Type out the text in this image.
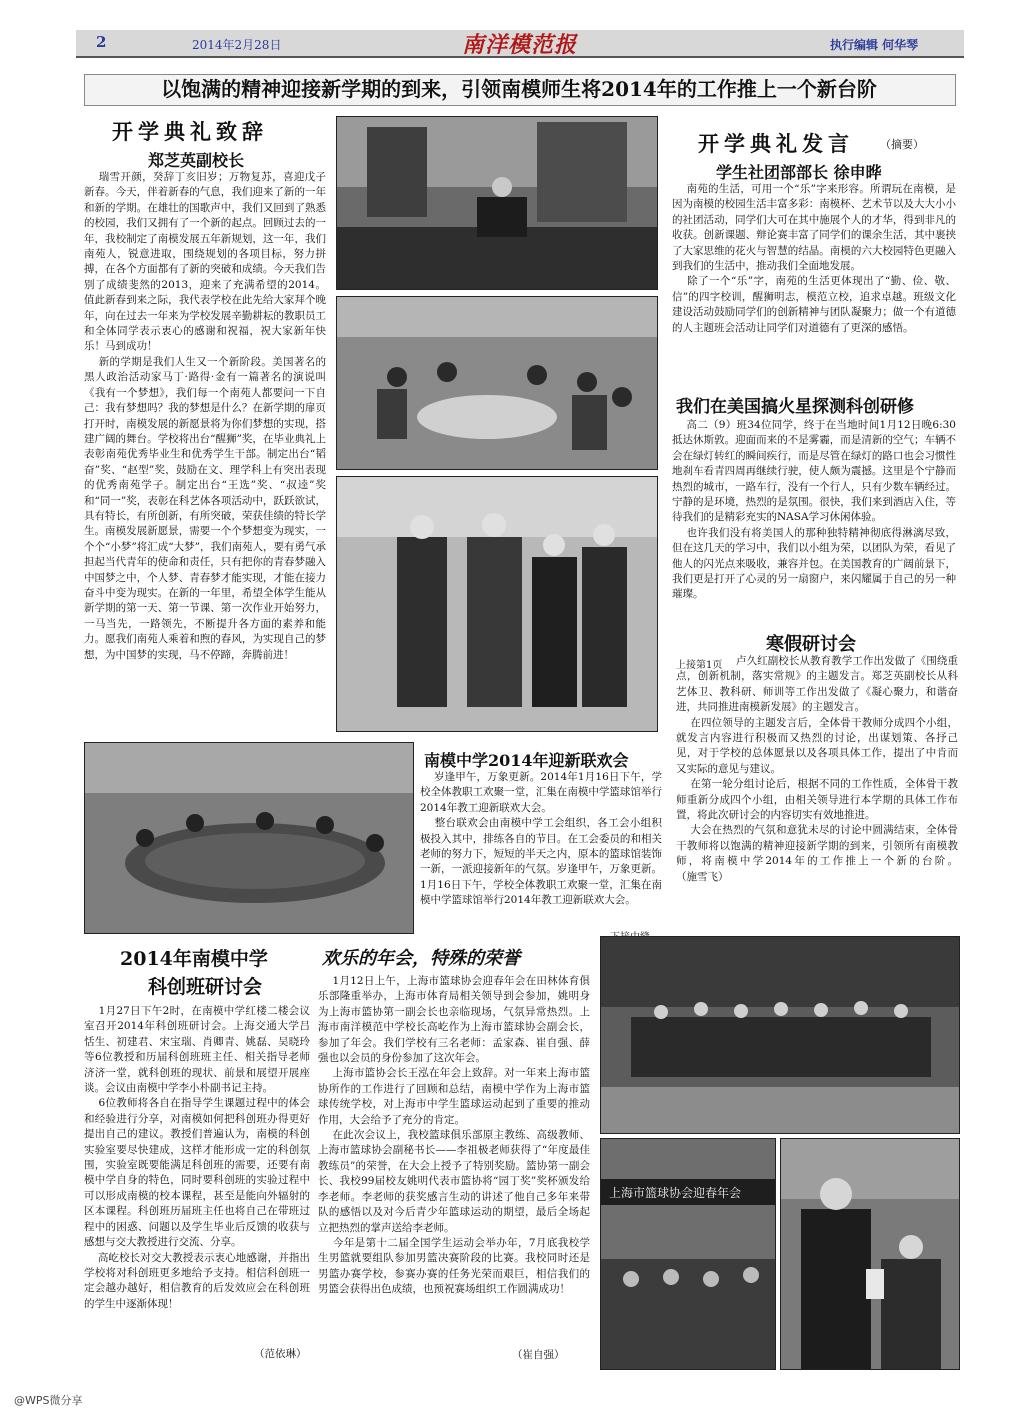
2	2014年2月28日	南洋模范报	执行编辑 何华琴
以饱满的精神迎接新学期的到来，引领南模师生将2014年的工作推上一个新台阶
开学典礼致辞
郑芝英副校长
瑞雪开颜，癸辞丁亥旧岁；万物复苏，喜迎戊子新春。今天，伴着新春的气息，我们迎来了新的一年和新的学期。在雄壮的国歌声中，我们又回到了熟悉的校园，我们又拥有了一个新的起点。回顾过去的一年，我校制定了南模发展五年新规划，这一年，我们南苑人，锐意进取，围绕规划的各项目标，努力拼搏，在各个方面都有了新的突破和成绩。今天我们告别了成绩斐然的2013，迎来了充满希望的2014。值此新春到来之际，我代表学校在此先给大家拜个晚年，向在过去一年来为学校发展辛勤耕耘的教职员工和全体同学表示衷心的感谢和祝福，祝大家新年快乐！马到成功！
新的学期是我们人生又一个新阶段。美国著名的黑人政治活动家马丁·路得·金有一篇著名的演说叫《我有一个梦想》，我们每一个南苑人都要问一下自己：我有梦想吗？我的梦想是什么？在新学期的扉页打开时，南模发展的新愿景将为你们梦想的实现，搭建广阔的舞台。学校将出台“醒狮”奖，在毕业典礼上表彰南苑优秀毕业生和优秀学生干部。制定出台“韬奋”奖、“赵型”奖，鼓励在文、理学科上有突出表现的优秀南苑学子。制定出台“王选”奖、“叔逵”奖和“同一”奖，表彰在科艺体各项活动中，跃跃欲试，具有特长，有所创新，有所突破，荣获佳绩的特长学生。南模发展新愿景，需要一个个梦想变为现实，一个个“小梦”将汇成“大梦”，我们南苑人，要有勇气承担起当代青年的使命和责任，只有把你的青春梦融入中国梦之中，个人梦、青春梦才能实现，才能在接力奋斗中变为现实。在新的一年里，希望全体学生能从新学期的第一天、第一节课、第一次作业开始努力，一马当先，一路领先，不断提升各方面的素养和能力。愿我们南苑人乘着和煦的春风，为实现自己的梦想，为中国梦的实现，马不停蹄，奔腾前进！
开学典礼发言 （摘要）
学生社团部部长 徐申晔
南苑的生活，可用一个“乐”字来形容。所谓玩在南模，是因为南模的校园生活丰富多彩：南模杯、艺术节以及大大小小的社团活动，同学们大可在其中施展个人的才华，得到非凡的收获。创新课题、辩论赛丰富了同学们的课余生活，其中裹挟了大家思维的花火与智慧的结晶。南模的六大校园特色更融入到我们的生活中，推动我们全面地发展。
除了一个“乐”字，南苑的生活更体现出了“勤、俭、敬、信”的四字校训，醒狮明志，模范立校，追求卓越。班级文化建设活动鼓励同学们的创新精神与团队凝聚力；做一个有道德的人主题班会活动让同学们对道德有了更深的感悟。
我们在美国搞火星探测科创研修
高二（9）班34位同学，终于在当地时间1月12日晚6:30抵达休斯敦。迎面而来的不是雾霾，而是清新的空气；车辆不会在绿灯转红的瞬间疾行，而是尽管在绿灯的路口也会习惯性地刹车看青四周再继续行驶，使人颇为震撼。这里是个宁静而热烈的城市，一路车行，没有一个行人，只有少数车辆经过。宁静的是环境，热烈的是氛围。很快，我们来到酒店入住，等待我们的是精彩充实的NASA学习休闲体验。
也许我们没有将美国人的那种独特精神彻底得淋漓尽致，但在这几天的学习中，我们以小组为荣，以团队为荣，看见了他人的闪光点来吸收，兼容并包。在美国教育的广阔前景下，我们更是打开了心灵的另一扇窗户，来闪耀属于自己的另一种璀璨。
寒假研讨会
上接第1页	卢久红副校长从教育教学工作出发做了《围绕重点，创新机制，落实常规》的主题发言。郑芝英副校长从科艺体卫、教科研、师训等工作出发做了《凝心聚力，和谐奋进，共同推进南模新发展》的主题发言。
在四位领导的主题发言后，全体骨干教师分成四个小组，就发言内容进行积极而又热烈的讨论，出谋划策、各抒己见，对于学校的总体愿景以及各项具体工作，提出了中肯而又实际的意见与建议。
在第一轮分组讨论后，根据不同的工作性质，全体骨干教师重新分成四个小组，由相关领导进行本学期的具体工作布置，将此次研讨会的内容切实有效地推进。
大会在热烈的气氛和意犹未尽的讨论中圆满结束，全体骨干教师将以饱满的精神迎接新学期的到来，引领所有南模教师，将南模中学2014年的工作推上一个新的台阶。         （施雪飞）
南模中学2014年迎新联欢会
岁逢甲午，万象更新。2014年1月16日下午，学校全体教职工欢聚一堂，汇集在南模中学篮球馆举行2014年教工迎新联欢大会。
整台联欢会由南模中学工会组织，各工会小组积极投入其中，排练各自的节目。在工会委员的和相关老师的努力下，短短的半天之内，原本的篮球馆装饰一新，一派迎接新年的气氛。岁逢甲午，万象更新。1月16日下午，学校全体教职工欢聚一堂，汇集在南模中学篮球馆举行2014年教工迎新联欢大会。
2014年南模中学
科创班研讨会
1月27日下午2时，在南模中学红楼二楼会议室召开2014年科创班研讨会。上海交通大学吕恬生、初建君、宋宝瑞、肖卿青、姚磊、吴晓玲等6位教授和历届科创班班主任、相关指导老师济济一堂，就科创班的现状、前景和展望开展座谈。会议由南模中学李小朴副书记主持。
6位教师将各自在指导学生课题过程中的体会和经验进行分享，对南模如何把科创班办得更好提出自己的建议。教授们普遍认为，南模的科创实验室要尽快建成，这样才能形成一定的科创氛围，实验室既要能满足科创班的需要，还要有南模中学自身的特色，同时要科创班的实验过程中可以形成南模的校本课程，甚至是能向外辐射的区本课程。科创班历届班主任也将自己在带班过程中的困惑、问题以及学生毕业后反馈的收获与感想与交大教授进行交流、分享。
高屹校长对交大教授表示衷心地感谢，并指出学校将对科创班更多地给予支持。相信科创班一定会越办越好，相信教育的后发效应会在科创班的学生中逐渐体现！
（范依琳）
欢乐的年会，特殊的荣誉
1月12日上午，上海市篮球协会迎春年会在田林体育俱乐部隆重举办，上海市体育局相关领导到会参加，姚明身为上海市篮协第一副会长也亲临现场，气氛异常热烈。上海市南洋模范中学校长高屹作为上海市篮球协会副会长，参加了年会。我们学校有三名老师：孟家森、崔自强、薛强也以会员的身份参加了这次年会。
上海市篮协会长王泓在年会上致辞。对一年来上海市篮协所作的工作进行了回顾和总结，南模中学作为上海市篮球传统学校，对上海市中学生篮球运动起到了重要的推动作用，大会给予了充分的肯定。
在此次会议上，我校篮球俱乐部原主教练、高级教师、上海市篮球协会副秘书长——李祖极老师获得了“年度最佳教练员”的荣誉，在大会上授予了特别奖励。篮协第一副会长、我校99届校友姚明代表市篮协将“园丁奖”奖杯颁发给李老师。李老师的获奖感言生动的讲述了他自己多年来带队的感悟以及对今后青少年篮球运动的期望，最后全场起立把热烈的掌声送给李老师。
今年是第十二届全国学生运动会举办年，7月底我校学生男篮就要组队参加男篮决赛阶段的比赛。我校同时还是男篮办赛学校，参赛办赛的任务光荣而艰巨，相信我们的男篮会获得出色成绩，也预祝赛场组织工作圆满成功！
（崔自强）
上海市篮球协会迎春年会
@WPS微分享
